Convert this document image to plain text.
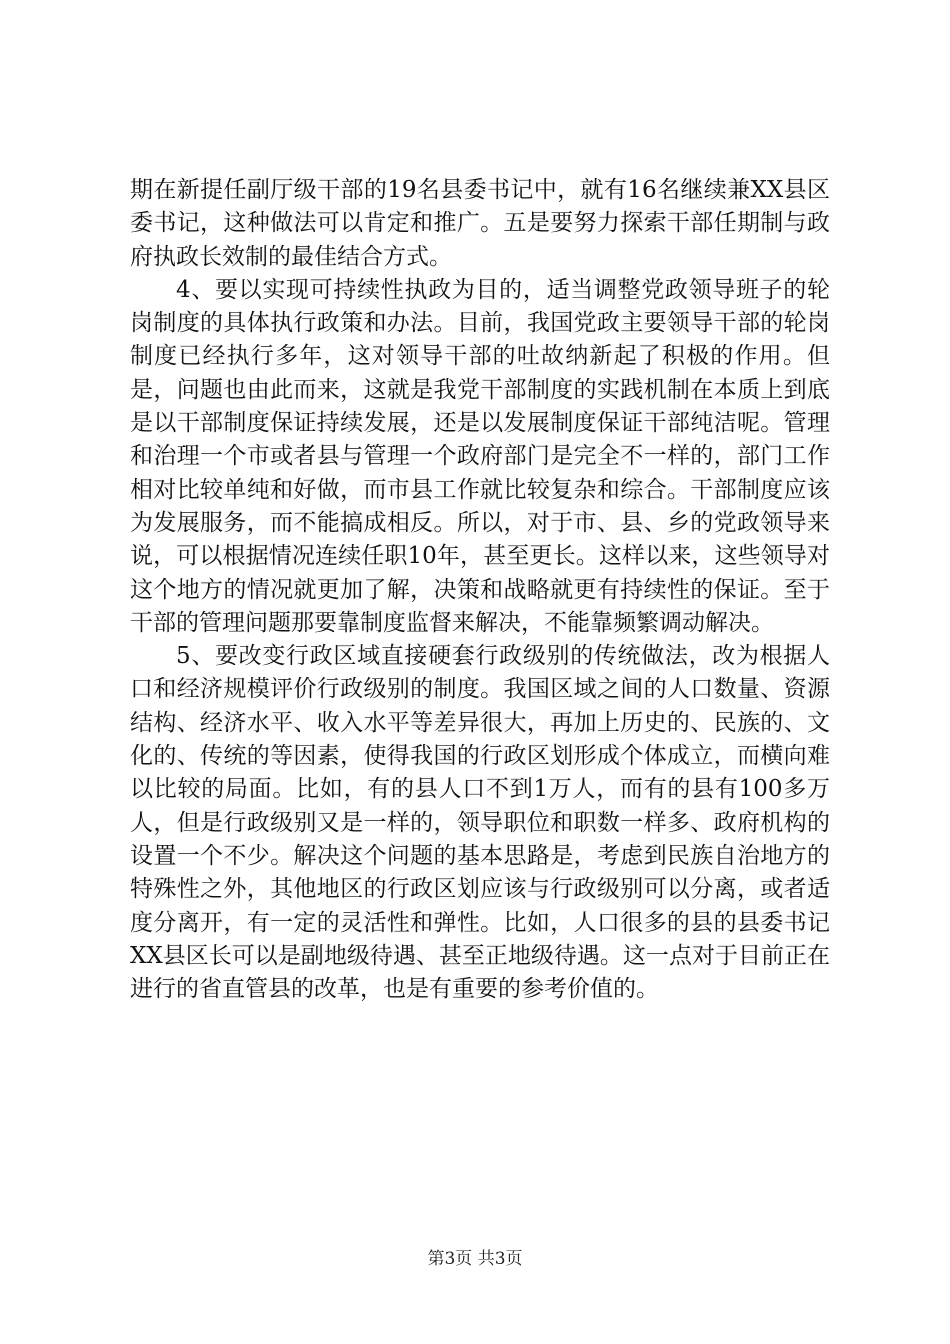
期在新提任副厅级干部的19名县委书记中，就有16名继续兼XX县区委书记，这种做法可以肯定和推广。五是要努力探索干部任期制与政府执政长效制的最佳结合方式。

4、要以实现可持续性执政为目的，适当调整党政领导班子的轮岗制度的具体执行政策和办法。目前，我国党政主要领导干部的轮岗制度已经执行多年，这对领导干部的吐故纳新起了积极的作用。但是，问题也由此而来，这就是我党干部制度的实践机制在本质上到底是以干部制度保证持续发展，还是以发展制度保证干部纯洁呢。管理和治理一个市或者县与管理一个政府部门是完全不一样的，部门工作相对比较单纯和好做，而市县工作就比较复杂和综合。干部制度应该为发展服务，而不能搞成相反。所以，对于市、县、乡的党政领导来说，可以根据情况连续任职10年，甚至更长。这样以来，这些领导对这个地方的情况就更加了解，决策和战略就更有持续性的保证。至于干部的管理问题那要靠制度监督来解决，不能靠频繁调动解决。

5、要改变行政区域直接硬套行政级别的传统做法，改为根据人口和经济规模评价行政级别的制度。我国区域之间的人口数量、资源结构、经济水平、收入水平等差异很大，再加上历史的、民族的、文化的、传统的等因素，使得我国的行政区划形成个体成立，而横向难以比较的局面。比如，有的县人口不到1万人，而有的县有100多万人，但是行政级别又是一样的，领导职位和职数一样多、政府机构的设置一个不少。解决这个问题的基本思路是，考虑到民族自治地方的特殊性之外，其他地区的行政区划应该与行政级别可以分离，或者适度分离开，有一定的灵活性和弹性。比如，人口很多的县的县委书记XX县区长可以是副地级待遇、甚至正地级待遇。这一点对于目前正在进行的省直管县的改革，也是有重要的参考价值的。

第3页 共3页
